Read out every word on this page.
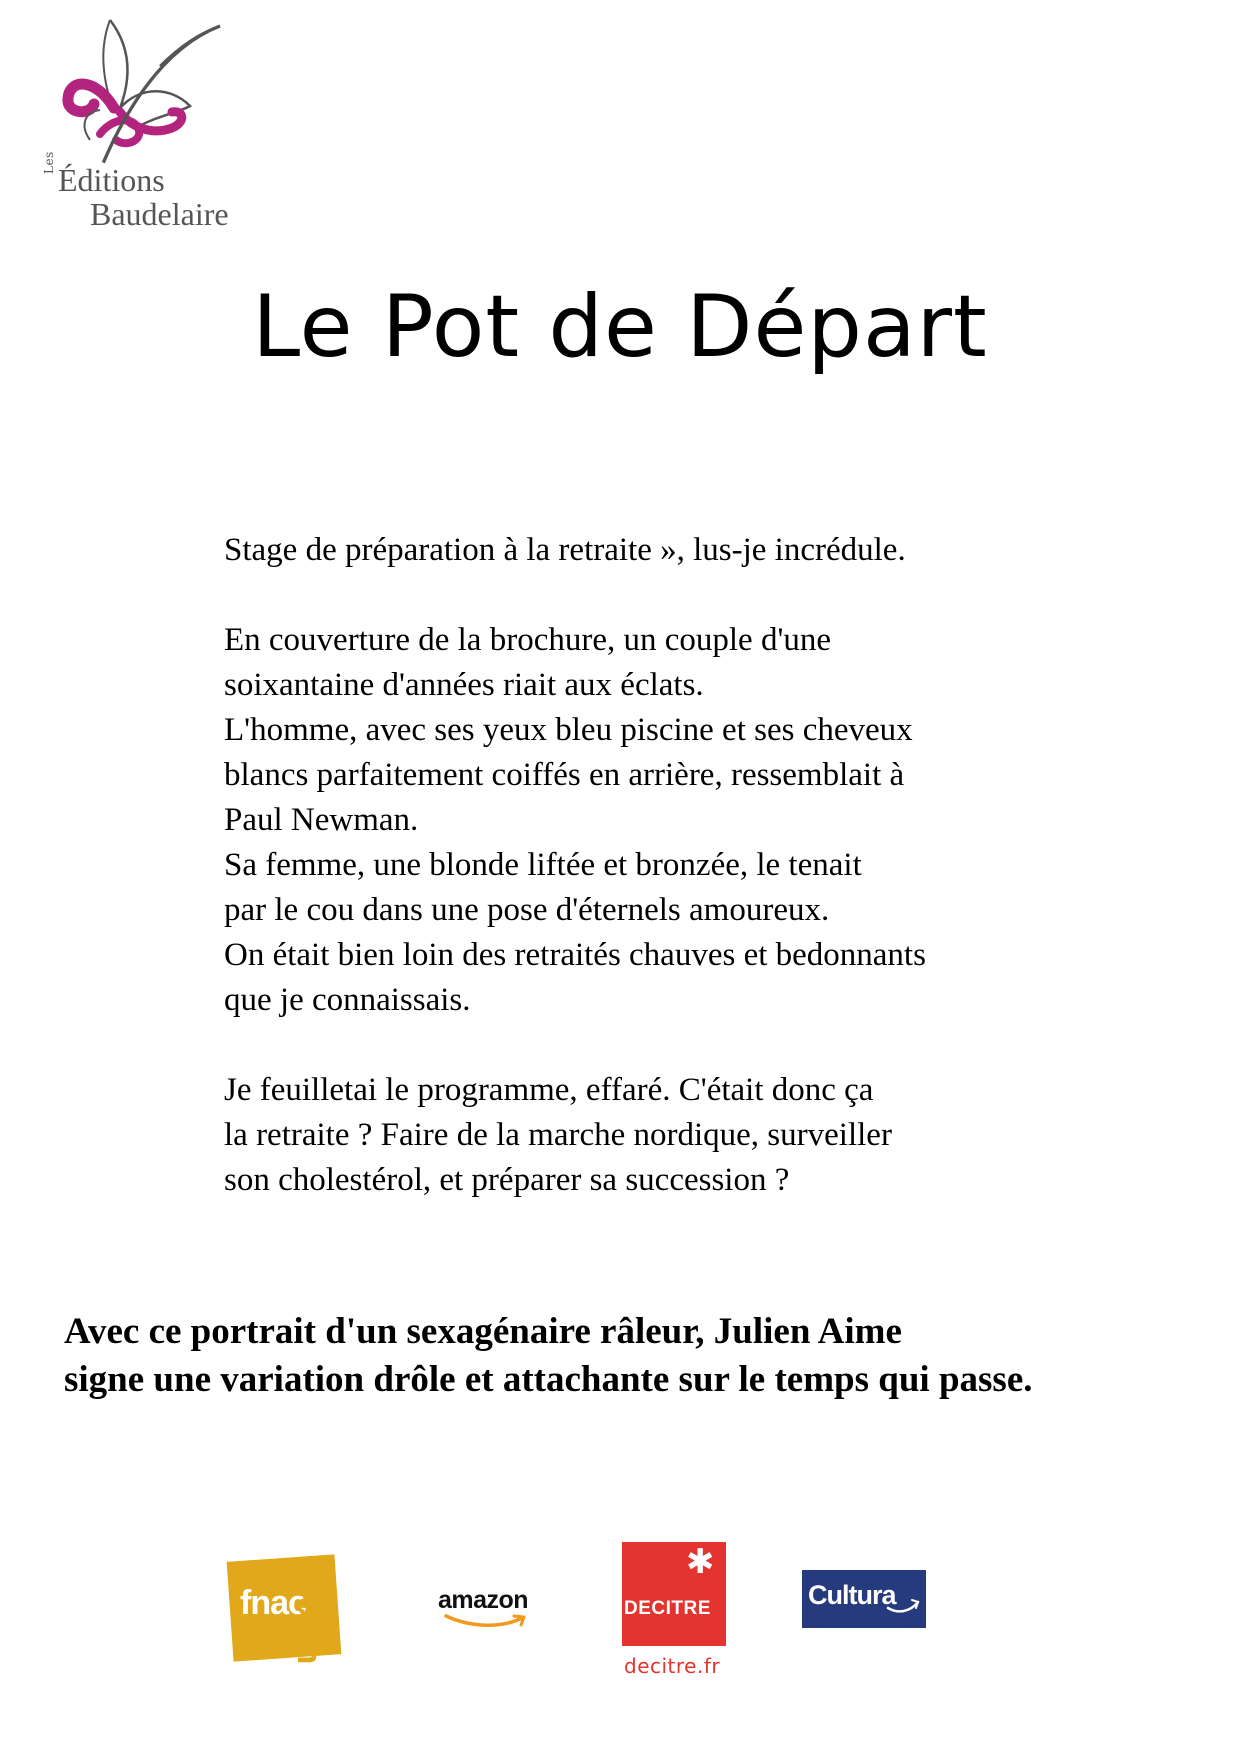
Les Éditions
Baudelaire
Le Pot de Départ

Stage de préparation à la retraite », lus-je incrédule.

En couverture de la brochure, un couple d'une
soixantaine d'années riait aux éclats.
L'homme, avec ses yeux bleu piscine et ses cheveux
blancs parfaitement coiffés en arrière, ressemblait à
Paul Newman.
Sa femme, une blonde liftée et bronzée, le tenait
par le cou dans une pose d'éternels amoureux.
On était bien loin des retraités chauves et bedonnants
que je connaissais.

Je feuilletai le programme, effaré. C'était donc ça
la retraite ? Faire de la marche nordique, surveiller
son cholestérol, et préparer sa succession ?

Avec ce portrait d'un sexagénaire râleur, Julien Aime
signe une variation drôle et attachante sur le temps qui passe.
fnac
.com	amazon
✱
DECITRE
decitre.fr
Cultura
